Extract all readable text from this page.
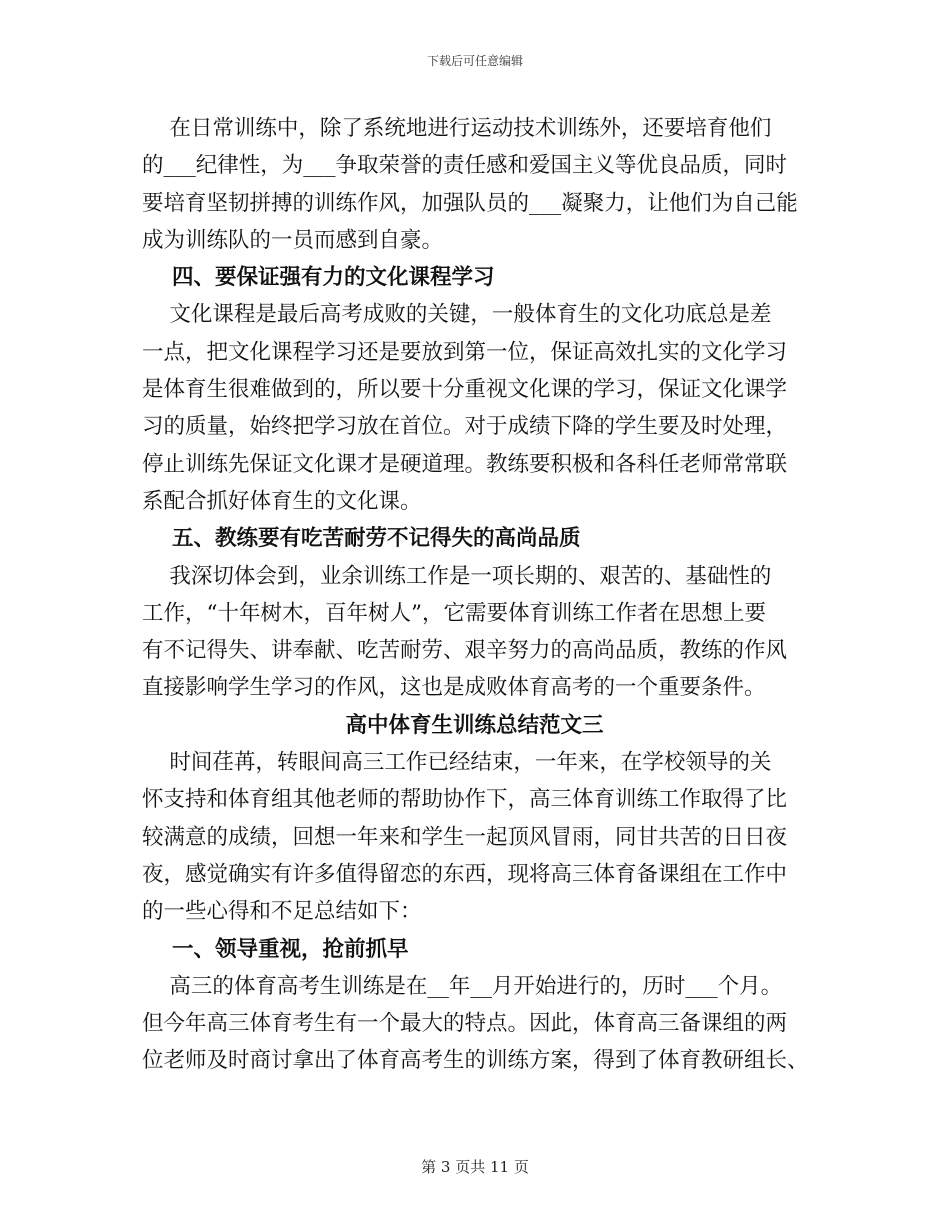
下载后可任意编辑
在日常训练中，除了系统地进行运动技术训练外，还要培育他们
的___纪律性，为___争取荣誉的责任感和爱国主义等优良品质，同时
要培育坚韧拼搏的训练作风，加强队员的___凝聚力，让他们为自己能
成为训练队的一员而感到自豪。
四、要保证强有力的文化课程学习
文化课程是最后高考成败的关键，一般体育生的文化功底总是差
一点，把文化课程学习还是要放到第一位，保证高效扎实的文化学习
是体育生很难做到的，所以要十分重视文化课的学习，保证文化课学
习的质量，始终把学习放在首位。对于成绩下降的学生要及时处理，
停止训练先保证文化课才是硬道理。教练要积极和各科任老师常常联
系配合抓好体育生的文化课。
五、教练要有吃苦耐劳不记得失的高尚品质
我深切体会到，业余训练工作是一项长期的、艰苦的、基础性的
工作，“十年树木，百年树人”，它需要体育训练工作者在思想上要
有不记得失、讲奉献、吃苦耐劳、艰辛努力的高尚品质，教练的作风
直接影响学生学习的作风，这也是成败体育高考的一个重要条件。
高中体育生训练总结范文三
时间荏苒，转眼间高三工作已经结束，一年来，在学校领导的关
怀支持和体育组其他老师的帮助协作下，高三体育训练工作取得了比
较满意的成绩，回想一年来和学生一起顶风冒雨，同甘共苦的日日夜
夜，感觉确实有许多值得留恋的东西，现将高三体育备课组在工作中
的一些心得和不足总结如下：
一、领导重视，抢前抓早
高三的体育高考生训练是在__年__月开始进行的，历时___个月。
但今年高三体育考生有一个最大的特点。因此，体育高三备课组的两
位老师及时商讨拿出了体育高考生的训练方案，得到了体育教研组长、
第 3 页共 11 页
